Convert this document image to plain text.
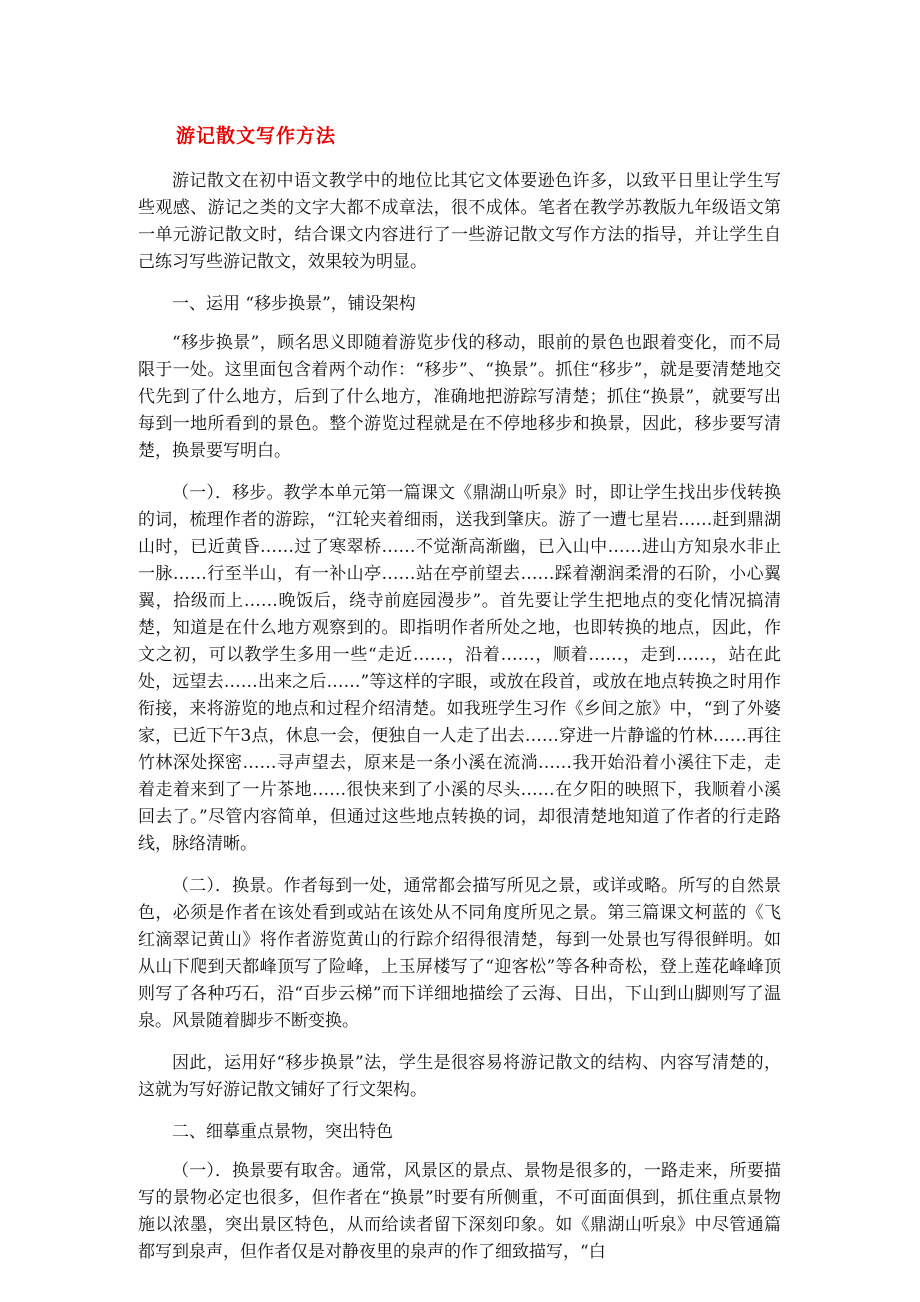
游记散文写作方法

游记散文在初中语文教学中的地位比其它文体要逊色许多，以致平日里让学生写些观感、游记之类的文字大都不成章法，很不成体。笔者在教学苏教版九年级语文第一单元游记散文时，结合课文内容进行了一些游记散文写作方法的指导，并让学生自己练习写些游记散文，效果较为明显。

一、运用 “移步换景”，铺设架构

“移步换景”，顾名思义即随着游览步伐的移动，眼前的景色也跟着变化，而不局限于一处。这里面包含着两个动作：“移步”、“换景”。抓住“移步”，就是要清楚地交代先到了什么地方，后到了什么地方，准确地把游踪写清楚；抓住“换景”，就要写出每到一地所看到的景色。整个游览过程就是在不停地移步和换景，因此，移步要写清楚，换景要写明白。

（一）．移步。教学本单元第一篇课文《鼎湖山听泉》时，即让学生找出步伐转换的词，梳理作者的游踪，“江轮夹着细雨，送我到肇庆。游了一遭七星岩……赶到鼎湖山时，已近黄昏……过了寒翠桥……不觉渐高渐幽，已入山中……进山方知泉水非止一脉……行至半山，有一补山亭……站在亭前望去……踩着潮润柔滑的石阶，小心翼翼，拾级而上……晚饭后，绕寺前庭园漫步”。首先要让学生把地点的变化情况搞清楚，知道是在什么地方观察到的。即指明作者所处之地，也即转换的地点，因此，作文之初，可以教学生多用一些“走近……，沿着……，顺着……，走到……，站在此处，远望去……出来之后……”等这样的字眼，或放在段首，或放在地点转换之时用作衔接，来将游览的地点和过程介绍清楚。如我班学生习作《乡间之旅》中，“到了外婆家，已近下午3点，休息一会，便独自一人走了出去……穿进一片静谧的竹林……再往竹林深处探密……寻声望去，原来是一条小溪在流淌……我开始沿着小溪往下走，走着走着来到了一片茶地……很快来到了小溪的尽头……在夕阳的映照下，我顺着小溪回去了。”尽管内容简单，但通过这些地点转换的词，却很清楚地知道了作者的行走路线，脉络清晰。

（二）．换景。作者每到一处，通常都会描写所见之景，或详或略。所写的自然景色，必须是作者在该处看到或站在该处从不同角度所见之景。第三篇课文柯蓝的《飞红滴翠记黄山》将作者游览黄山的行踪介绍得很清楚，每到一处景也写得很鲜明。如从山下爬到天都峰顶写了险峰，上玉屏楼写了“迎客松”等各种奇松，登上莲花峰峰顶则写了各种巧石，沿“百步云梯”而下详细地描绘了云海、日出，下山到山脚则写了温泉。风景随着脚步不断变换。

因此，运用好“移步换景”法，学生是很容易将游记散文的结构、内容写清楚的，这就为写好游记散文铺好了行文架构。

二、细摹重点景物，突出特色

（一）．换景要有取舍。通常，风景区的景点、景物是很多的，一路走来，所要描写的景物必定也很多，但作者在“换景”时要有所侧重，不可面面俱到，抓住重点景物施以浓墨，突出景区特色，从而给读者留下深刻印象。如《鼎湖山听泉》中尽管通篇都写到泉声，但作者仅是对静夜里的泉声的作了细致描写，“白
